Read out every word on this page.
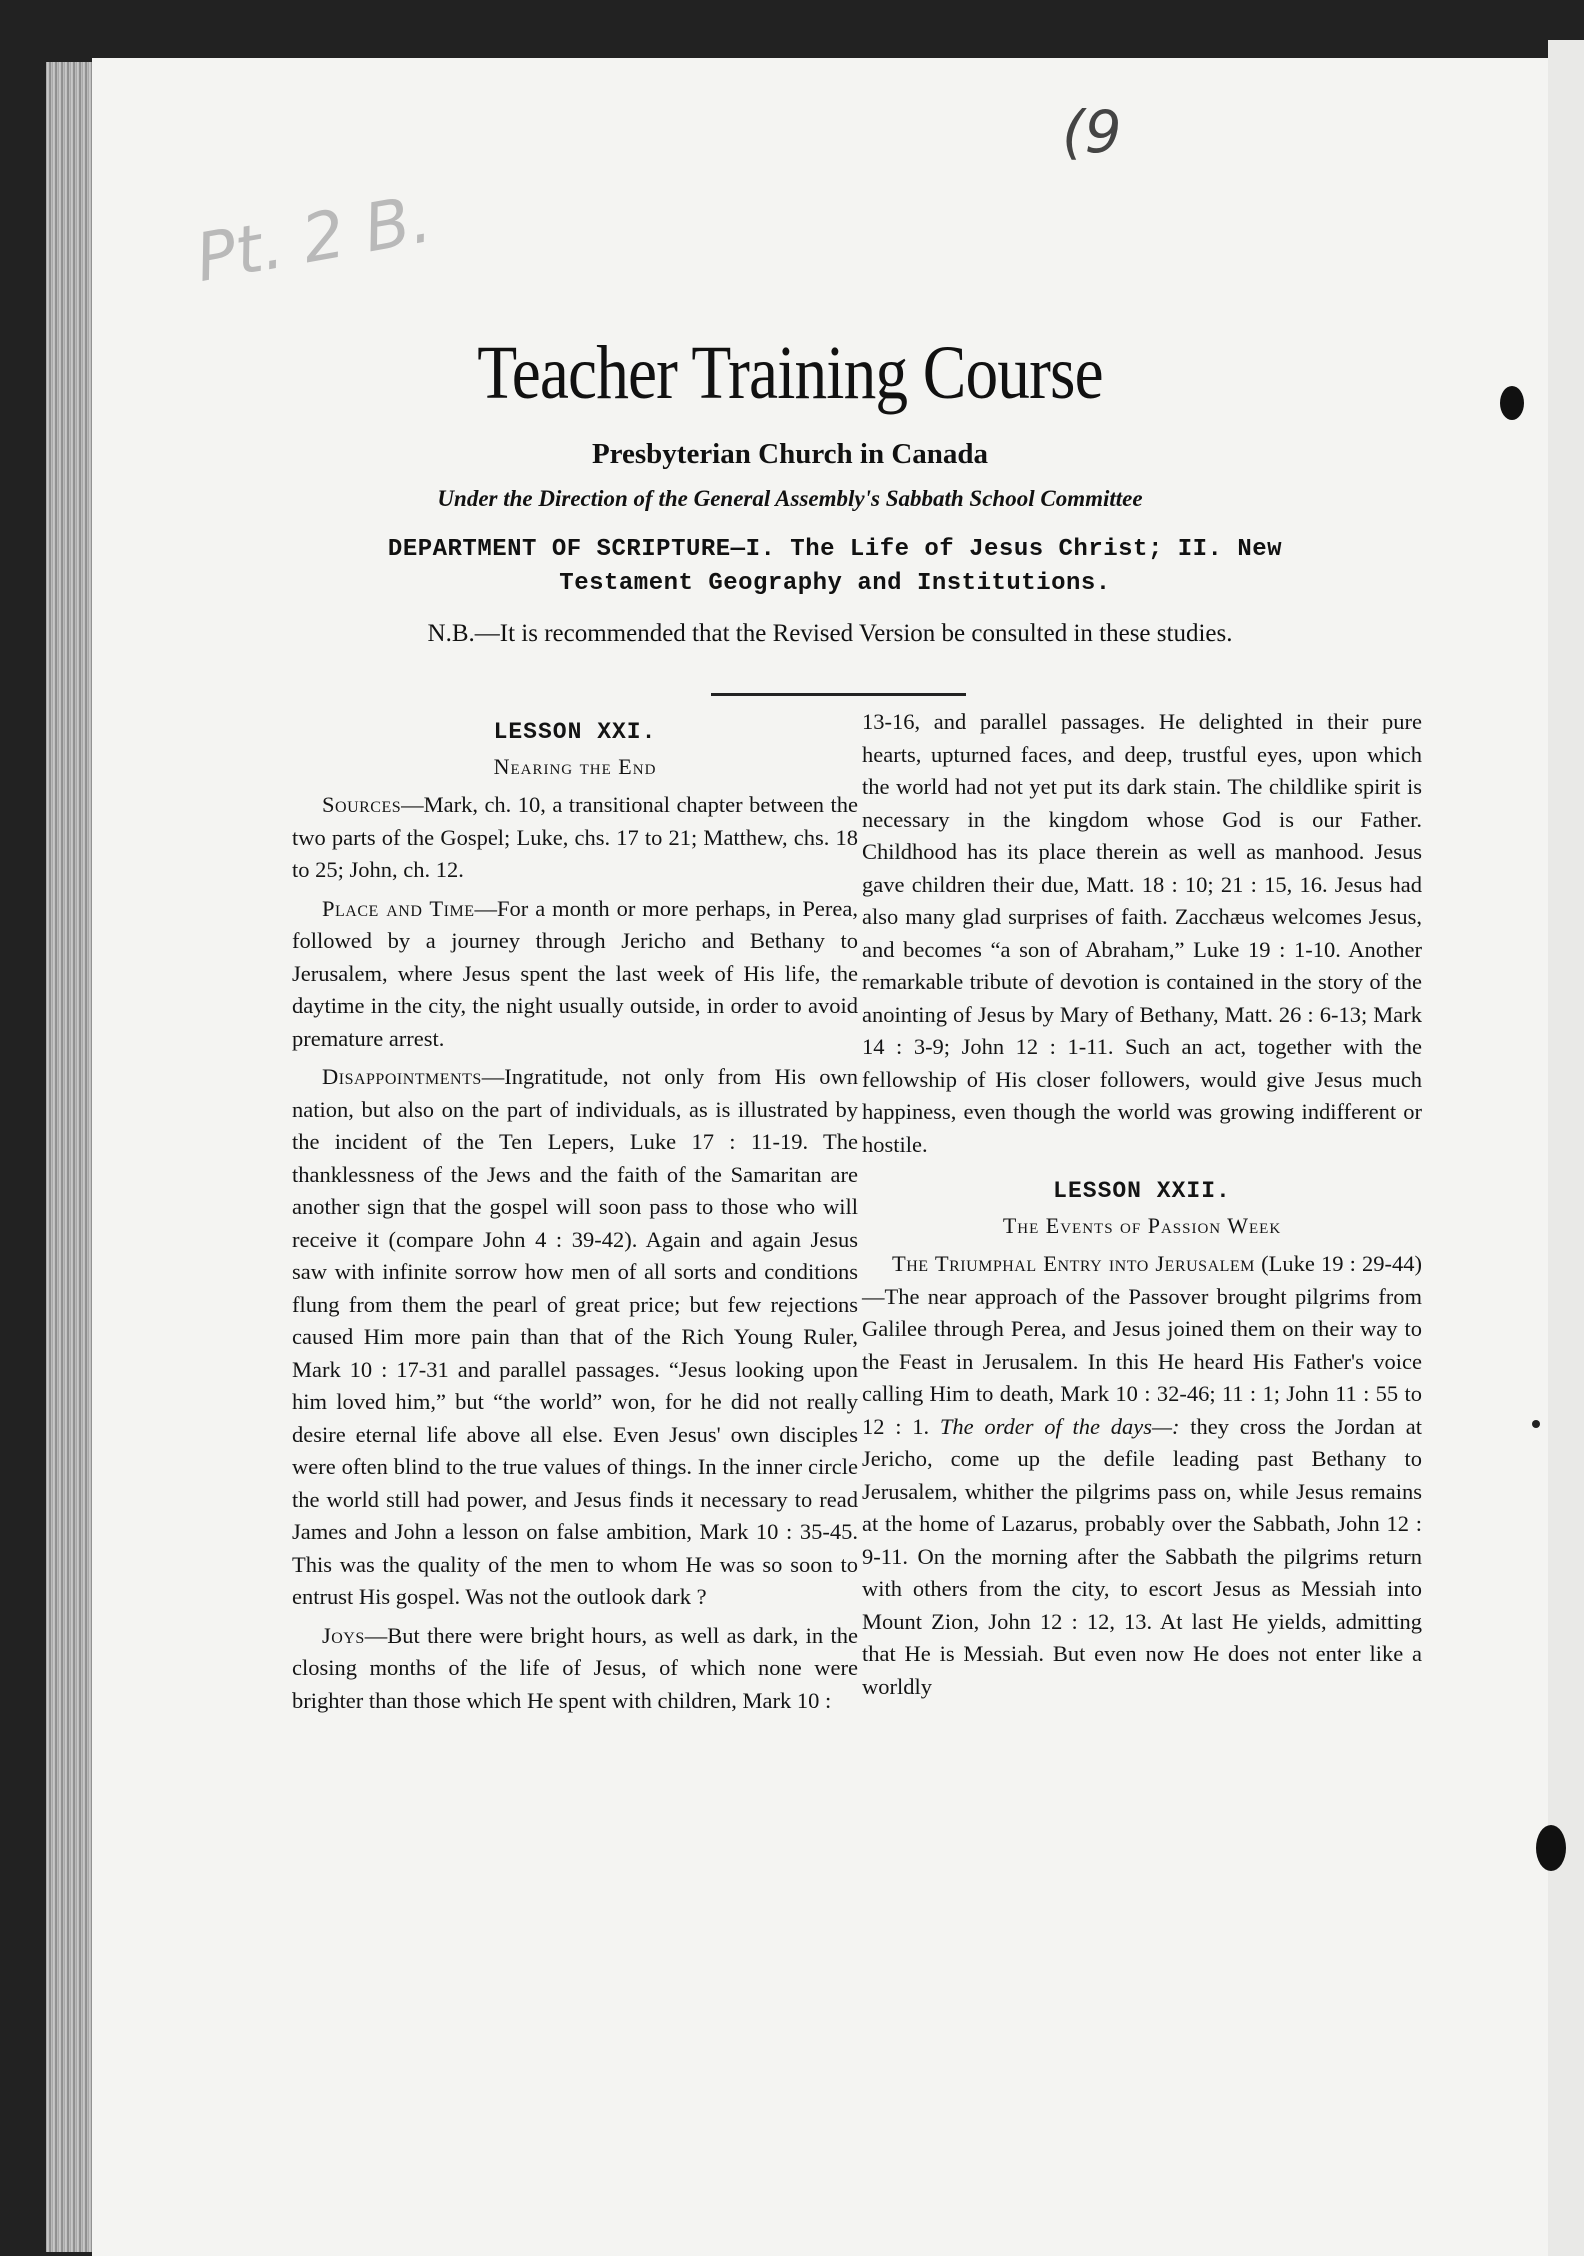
(9
Pt. 2 B.
Teacher Training Course
Presbyterian Church in Canada
Under the Direction of the General Assembly's Sabbath School Committee
DEPARTMENT OF SCRIPTURE—I. The Life of Jesus Christ; II. New
Testament Geography and Institutions.
N.B.—It is recommended that the Revised Version be consulted in these studies.
LESSON XXI.
Nearing the End

Sources—Mark, ch. 10, a transitional chapter between the two parts of the Gospel; Luke, chs. 17 to 21; Matthew, chs. 18 to 25; John, ch. 12.

Place and Time—For a month or more perhaps, in Perea, followed by a journey through Jericho and Bethany to Jerusalem, where Jesus spent the last week of His life, the daytime in the city, the night usually outside, in order to avoid premature arrest.

Disappointments—Ingratitude, not only from His own nation, but also on the part of individuals, as is illustrated by the incident of the Ten Lepers, Luke 17 : 11-19. The thanklessness of the Jews and the faith of the Samaritan are another sign that the gospel will soon pass to those who will receive it (compare John 4 : 39-42). Again and again Jesus saw with infinite sorrow how men of all sorts and conditions flung from them the pearl of great price; but few rejections caused Him more pain than that of the Rich Young Ruler, Mark 10 : 17-31 and parallel passages. “Jesus looking upon him loved him,” but “the world” won, for he did not really desire eternal life above all else. Even Jesus' own disciples were often blind to the true values of things. In the inner circle the world still had power, and Jesus finds it necessary to read James and John a lesson on false ambition, Mark 10 : 35-45. This was the quality of the men to whom He was so soon to entrust His gospel. Was not the outlook dark ?

Joys—But there were bright hours, as well as dark, in the closing months of the life of Jesus, of which none were brighter than those which He spent with children, Mark 10 :

13-16, and parallel passages. He delighted in their pure hearts, upturned faces, and deep, trustful eyes, upon which the world had not yet put its dark stain. The childlike spirit is necessary in the kingdom whose God is our Father. Childhood has its place therein as well as manhood. Jesus gave children their due, Matt. 18 : 10; 21 : 15, 16. Jesus had also many glad surprises of faith. Zacchæus welcomes Jesus, and becomes “a son of Abraham,” Luke 19 : 1-10. Another remarkable tribute of devotion is contained in the story of the anointing of Jesus by Mary of Bethany, Matt. 26 : 6-13; Mark 14 : 3-9; John 12 : 1-11. Such an act, together with the fellowship of His closer followers, would give Jesus much happiness, even though the world was growing indifferent or hostile.

LESSON XXII.
The Events of Passion Week

The Triumphal Entry into Jerusalem (Luke 19 : 29-44)—The near approach of the Passover brought pilgrims from Galilee through Perea, and Jesus joined them on their way to the Feast in Jerusalem. In this He heard His Father's voice calling Him to death, Mark 10 : 32-46; 11 : 1; John 11 : 55 to 12 : 1. The order of the days—: they cross the Jordan at Jericho, come up the defile leading past Bethany to Jerusalem, whither the pilgrims pass on, while Jesus remains at the home of Lazarus, probably over the Sabbath, John 12 : 9-11. On the morning after the Sabbath the pilgrims return with others from the city, to escort Jesus as Messiah into Mount Zion, John 12 : 12, 13. At last He yields, admitting that He is Messiah. But even now He does not enter like a worldly
